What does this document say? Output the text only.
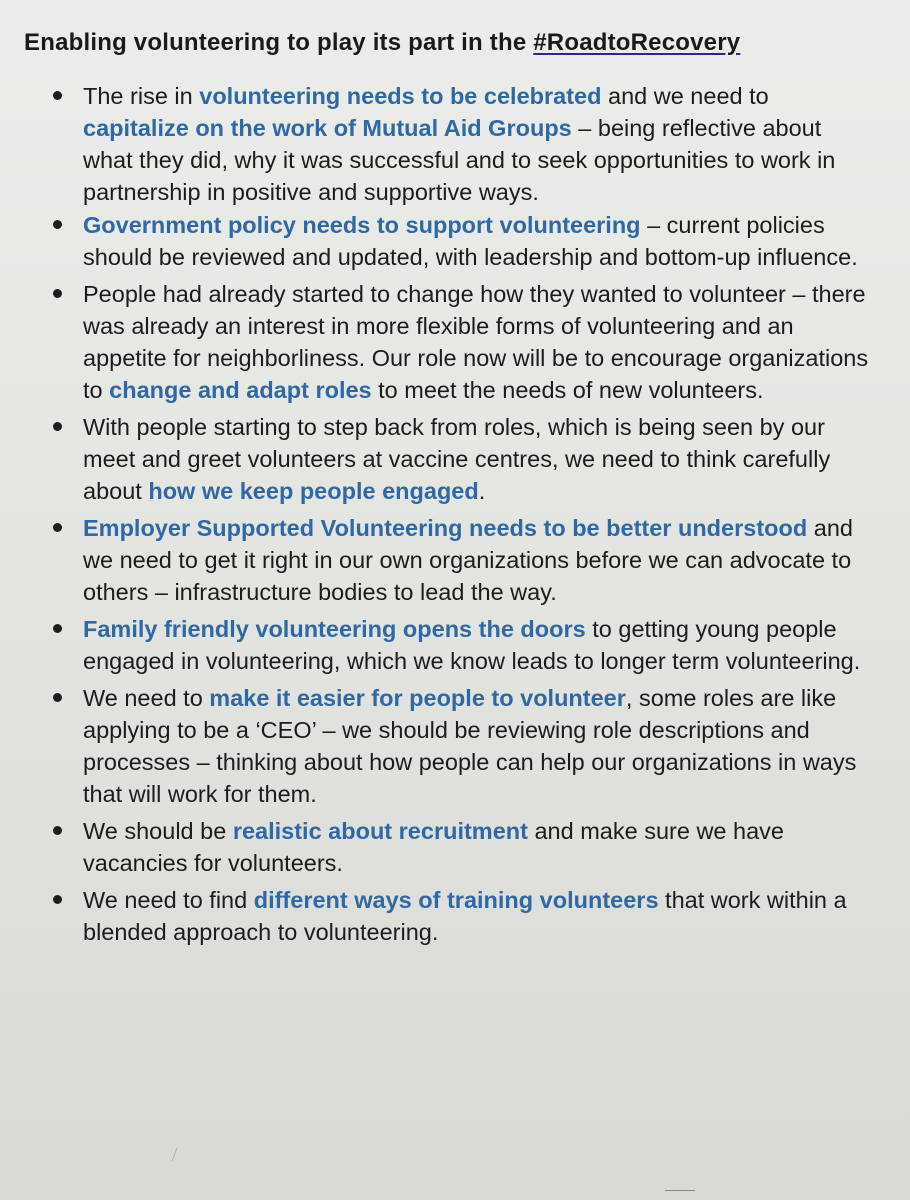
Enabling volunteering to play its part in the #RoadtoRecovery
The rise in volunteering needs to be celebrated and we need to capitalize on the work of Mutual Aid Groups – being reflective about what they did, why it was successful and to seek opportunities to work in partnership in positive and supportive ways.
Government policy needs to support volunteering – current policies should be reviewed and updated, with leadership and bottom-up influence.
People had already started to change how they wanted to volunteer – there was already an interest in more flexible forms of volunteering and an appetite for neighborliness. Our role now will be to encourage organizations to change and adapt roles to meet the needs of new volunteers.
With people starting to step back from roles, which is being seen by our meet and greet volunteers at vaccine centres, we need to think carefully about how we keep people engaged.
Employer Supported Volunteering needs to be better understood and we need to get it right in our own organizations before we can advocate to others – infrastructure bodies to lead the way.
Family friendly volunteering opens the doors to getting young people engaged in volunteering, which we know leads to longer term volunteering.
We need to make it easier for people to volunteer, some roles are like applying to be a ‘CEO’ – we should be reviewing role descriptions and processes – thinking about how people can help our organizations in ways that will work for them.
We should be realistic about recruitment and make sure we have vacancies for volunteers.
We need to find different ways of training volunteers that work within a blended approach to volunteering.
